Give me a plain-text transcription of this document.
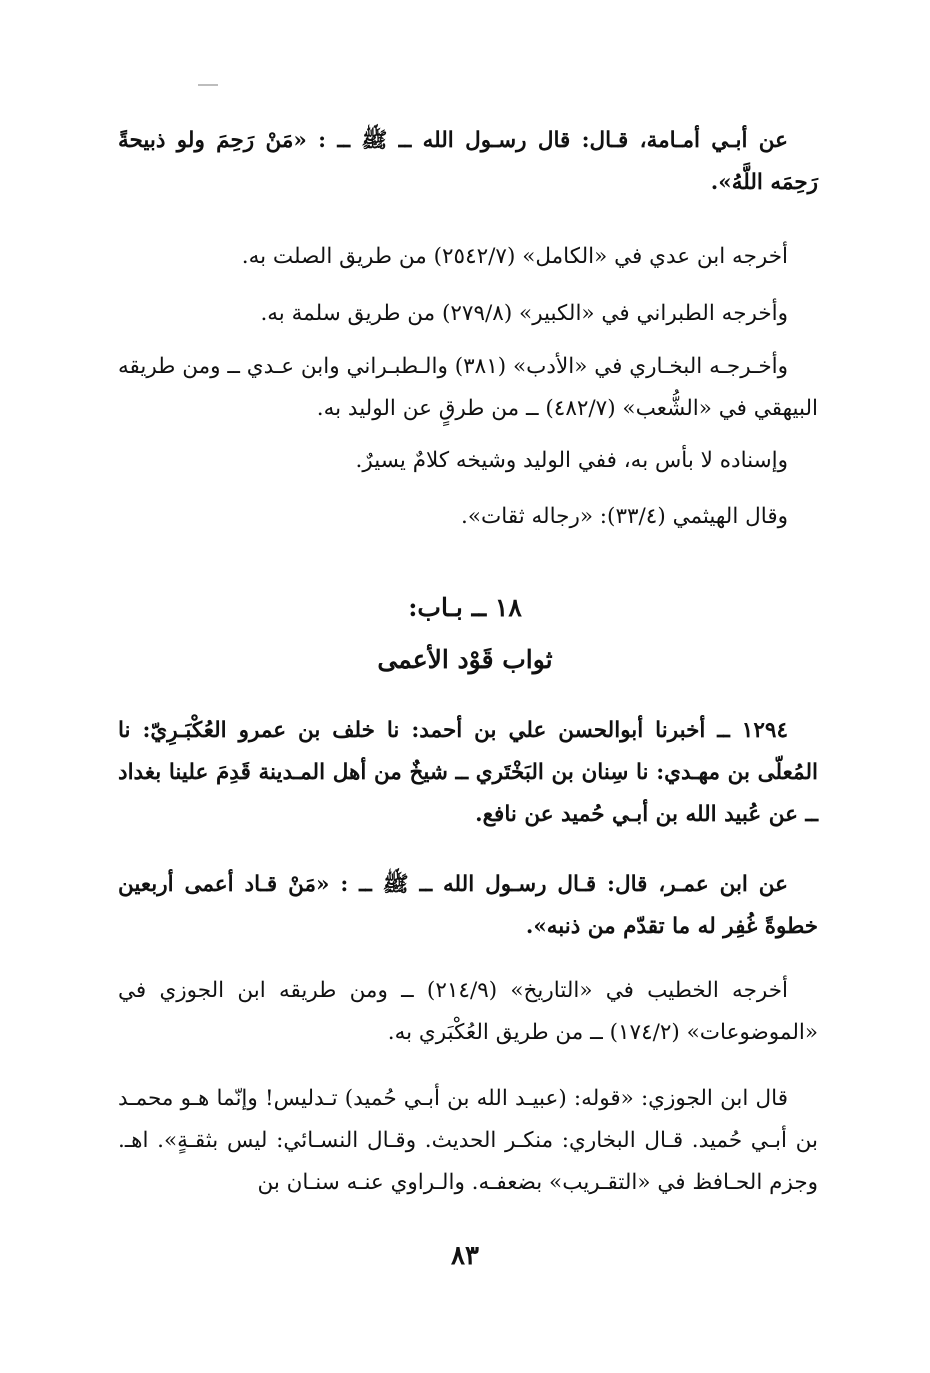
عن أبـي أمـامة، قـال: قال رسـول الله ــ ﷺ ــ : «مَنْ رَحِمَ ولو ذبيحةً رَحِمَه اللَّهُ».

أخرجه ابن عدي في «الكامل» (٢٥٤٢/٧) من طريق الصلت به.

وأخرجه الطبراني في «الكبير» (٢٧٩/٨) من طريق سلمة به.

وأخـرجـه البخـاري في «الأدب» (٣٨١) والـطبـراني وابن عـدي ــ ومن طريقه البيهقي في «الشُّعب» (٤٨٢/٧) ــ من طرقٍ عن الوليد به.

وإسناده لا بأس به، ففي الوليد وشيخه كلامٌ يسيرٌ.

وقال الهيثمي (٣٣/٤): «رجاله ثقات».

١٨ ــ بـاب:
ثواب قَوْد الأعمى

١٢٩٤ ــ أخبرنا أبوالحسن علي بن أحمد: نا خلف بن عمرو العُكْبَـرِيّ: نا المُعلّى بن مهـدي: نا سِنان بن البَخْتَري ــ شيخٌ من أهل المـدينة قَدِمَ علينا بغداد ــ عن عُبيد الله بن أبـي حُميد عن نافع.

عن ابن عمـر، قال: قـال رسـول الله ــ ﷺ ــ : «مَنْ قـاد أعمى أربعين خطوةً غُفِر له ما تقدّم من ذنبه».

أخرجه الخطيب في «التاريخ» (٢١٤/٩) ــ ومن طريقه ابن الجوزي في «الموضوعات» (١٧٤/٢) ــ من طريق العُكْبَري به.

قال ابن الجوزي: «قوله: (عبيـد الله بن أبـي حُميد) تـدليس! وإنّما هـو محمـد بن أبـي حُميد. قـال البخاري: منكـر الحديث. وقـال النسـائي: ليس بثقـةٍ». اهـ. وجزم الحـافظ في «التقـريب» بضعفـه. والـراوي عنـه سنـان بن

٨٣
